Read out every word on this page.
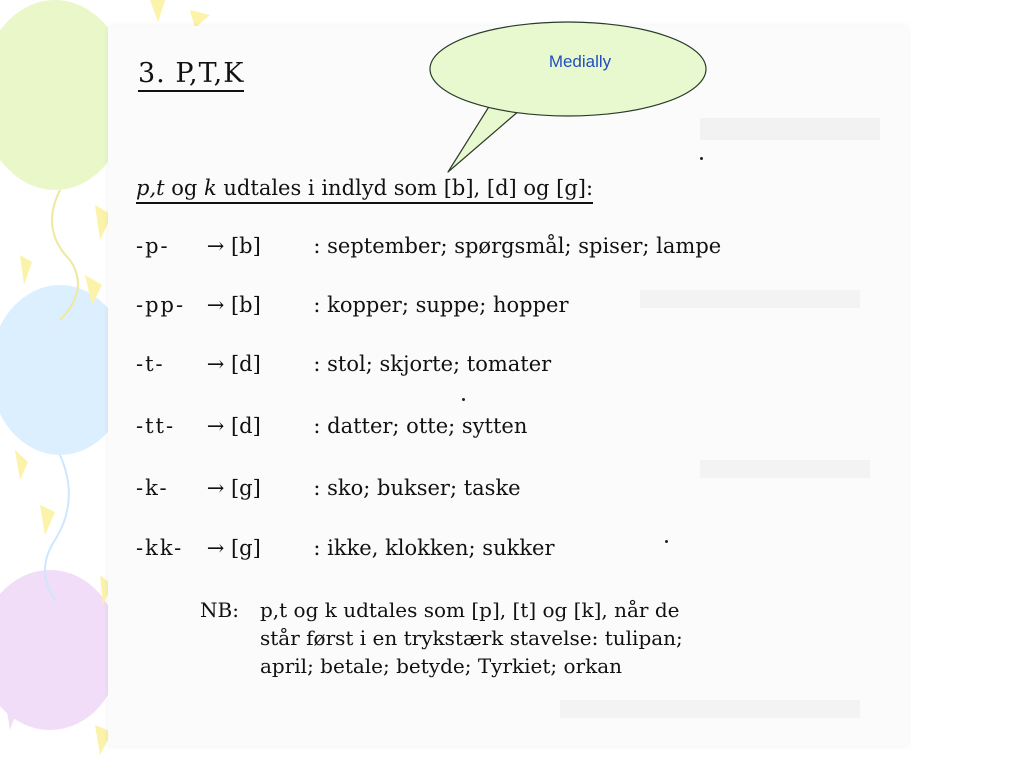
3. P,T,K	Medially
p,t og k udtales i indlyd som [b], [d] og [g]:
-p- → [b]	: september; spørgsmål; spiser; lampe
-pp- → [b]	: kopper; suppe; hopper
-t- → [d]	: stol; skjorte; tomater
-tt- → [d]	: datter; otte; sytten
-k- → [g]	: sko; bukser; taske
-kk- → [g]	: ikke, klokken; sukker
NB: p,t og k udtales som [p], [t] og [k], når de
står først i en trykstærk stavelse: tulipan;
april; betale; betyde; Tyrkiet; orkan
